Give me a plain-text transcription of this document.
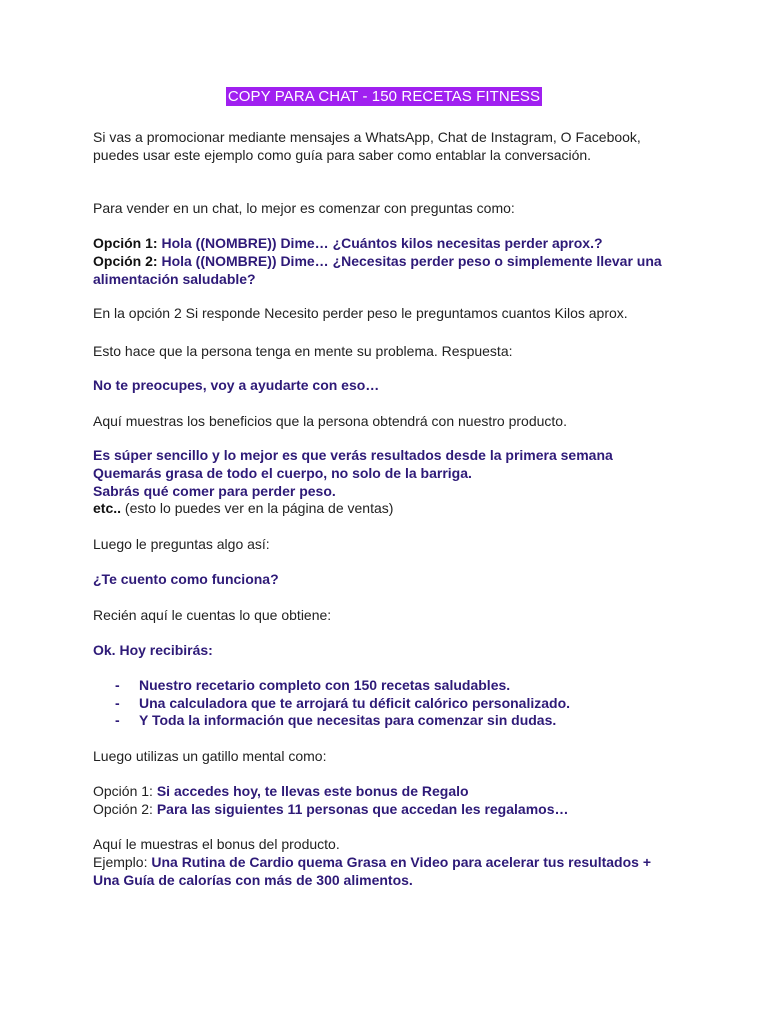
COPY PARA CHAT - 150 RECETAS FITNESS
Si vas a promocionar mediante mensajes a WhatsApp, Chat de Instagram, O Facebook,
puedes usar este ejemplo como guía para saber como entablar la conversación.
Para vender en un chat, lo mejor es comenzar con preguntas como:
Opción 1: Hola ((NOMBRE)) Dime… ¿Cuántos kilos necesitas perder aprox.?
Opción 2: Hola ((NOMBRE)) Dime… ¿Necesitas perder peso o simplemente llevar una
alimentación saludable?
En la opción 2 Si responde Necesito perder peso le preguntamos cuantos Kilos aprox.
Esto hace que la persona tenga en mente su problema. Respuesta:
No te preocupes, voy a ayudarte con eso…
Aquí muestras los beneficios que la persona obtendrá con nuestro producto.
Es súper sencillo y lo mejor es que verás resultados desde la primera semana
Quemarás grasa de todo el cuerpo, no solo de la barriga.
Sabrás qué comer para perder peso.
etc.. (esto lo puedes ver en la página de ventas)
Luego le preguntas algo así:
¿Te cuento como funciona?
Recién aquí le cuentas lo que obtiene:
Ok. Hoy recibirás:
- Nuestro recetario completo con 150 recetas saludables.
- Una calculadora que te arrojará tu déficit calórico personalizado.
- Y Toda la información que necesitas para comenzar sin dudas.
Luego utilizas un gatillo mental como:
Opción 1: Si accedes hoy, te llevas este bonus de Regalo
Opción 2: Para las siguientes 11 personas que accedan les regalamos…
Aquí le muestras el bonus del producto.
Ejemplo: Una Rutina de Cardio quema Grasa en Video para acelerar tus resultados +
Una Guía de calorías con más de 300 alimentos.
